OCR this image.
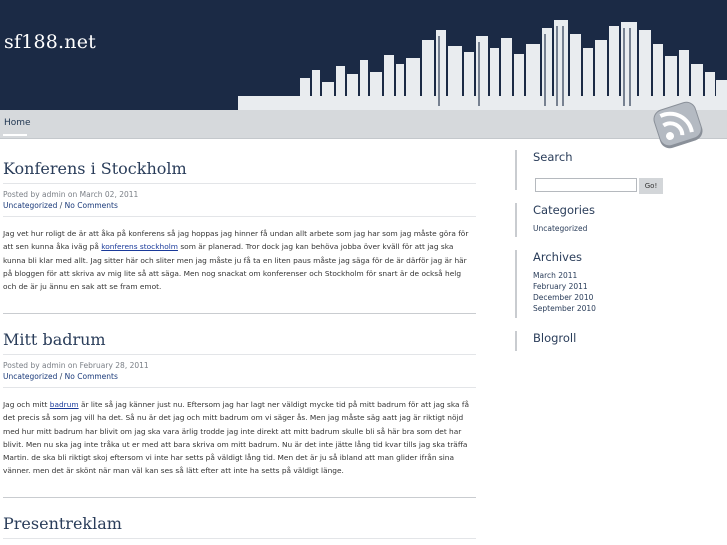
sf188.net
Home
Konferens i Stockholm
Posted by admin on March 02, 2011
Uncategorized / No Comments
Jag vet hur roligt de är att åka på konferens så jag hoppas jag hinner få undan allt arbete som jag har som jag måste göra för att sen kunna åka iväg på konferens stockholm som är planerad. Tror dock jag kan behöva jobba över kväll för att jag ska kunna bli klar med allt. Jag sitter här och sliter men jag måste ju få ta en liten paus måste jag säga för de är därför jag är här på bloggen för att skriva av mig lite så att säga. Men nog snackat om konferenser och Stockholm för snart är de också helg och de är ju ännu en sak att se fram emot.
Mitt badrum
Posted by admin on February 28, 2011
Uncategorized / No Comments
Jag och mitt badrum är lite så jag känner just nu. Eftersom jag har lagt ner väldigt mycke tid på mitt badrum för att jag ska få det precis så som jag vill ha det. Så nu är det jag och mitt badrum om vi säger ås. Men jag måste säg aatt jag är riktigt nöjd med hur mitt badrum har blivit om jag ska vara ärlig trodde jag inte direkt att mitt badrum skulle bli så här bra som det har blivit. Men nu ska jag inte tråka ut er med att bara skriva om mitt badrum. Nu är det inte jätte lång tid kvar tills jag ska träffa Martin. de ska bli riktigt skoj eftersom vi inte har setts på väldigt lång tid. Men det är ju så ibland att man glider ifrån sina vänner. men det är skönt när man väl kan ses så lätt efter att inte ha setts på väldigt länge.
Presentreklam
Search
Go!
Categories
Uncategorized
Archives
March 2011
February 2011
December 2010
September 2010
Blogroll
